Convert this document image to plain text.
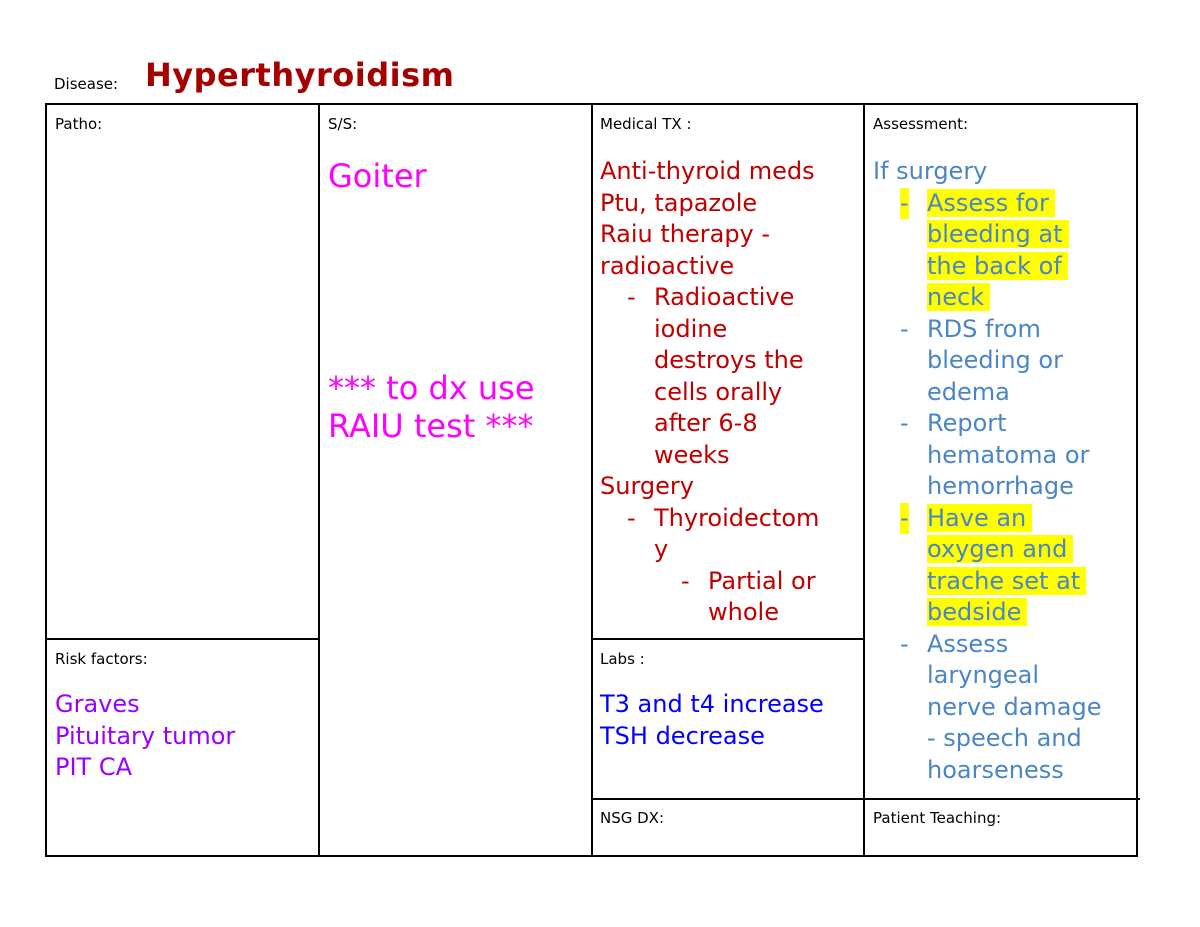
Disease: Hyperthyroidism
Patho:
Risk factors:
Graves
Pituitary tumor
PIT CA
S/S:
Goiter
*** to dx use
RAIU test ***
Medical TX :
Anti-thyroid meds
Ptu, tapazole
Raiu therapy -
radioactive
- Radioactive
iodine
destroys the
cells orally
after 6-8
weeks
Surgery
- Thyroidectom
y
- Partial or
whole
Labs :
T3 and t4 increase
TSH decrease
NSG DX:
Assessment:
If surgery
- Assess for
bleeding at
the back of
neck
- RDS from
bleeding or
edema
- Report
hematoma or
hemorrhage
- Have an
oxygen and
trache set at
bedside
- Assess
laryngeal
nerve damage
- speech and
hoarseness
Patient Teaching:
